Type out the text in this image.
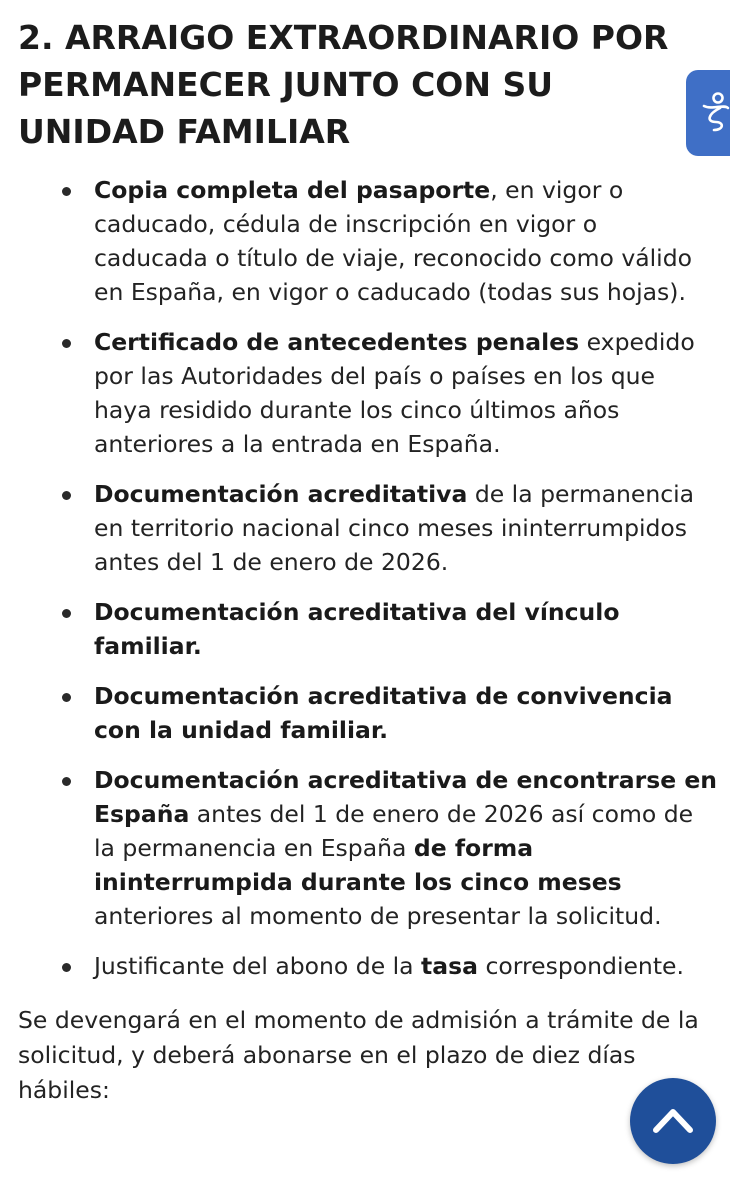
2. ARRAIGO EXTRAORDINARIO POR
PERMANECER JUNTO CON SU
UNIDAD FAMILIAR
Copia completa del pasaporte, en vigor o caducado, cédula de inscripción en vigor o caducada o título de viaje, reconocido como válido en España, en vigor o caducado (todas sus hojas).
Certificado de antecedentes penales expedido por las Autoridades del país o países en los que haya residido durante los cinco últimos años anteriores a la entrada en España.
Documentación acreditativa de la permanencia en territorio nacional cinco meses ininterrumpidos antes del 1 de enero de 2026.
Documentación acreditativa del vínculo familiar.
Documentación acreditativa de convivencia con la unidad familiar.
Documentación acreditativa de encontrarse en España antes del 1 de enero de 2026 así como de la permanencia en España de forma ininterrumpida durante los cinco meses anteriores al momento de presentar la solicitud.
Justificante del abono de la tasa correspondiente.

Se devengará en el momento de admisión a trámite de la solicitud, y deberá abonarse en el plazo de diez días hábiles:
